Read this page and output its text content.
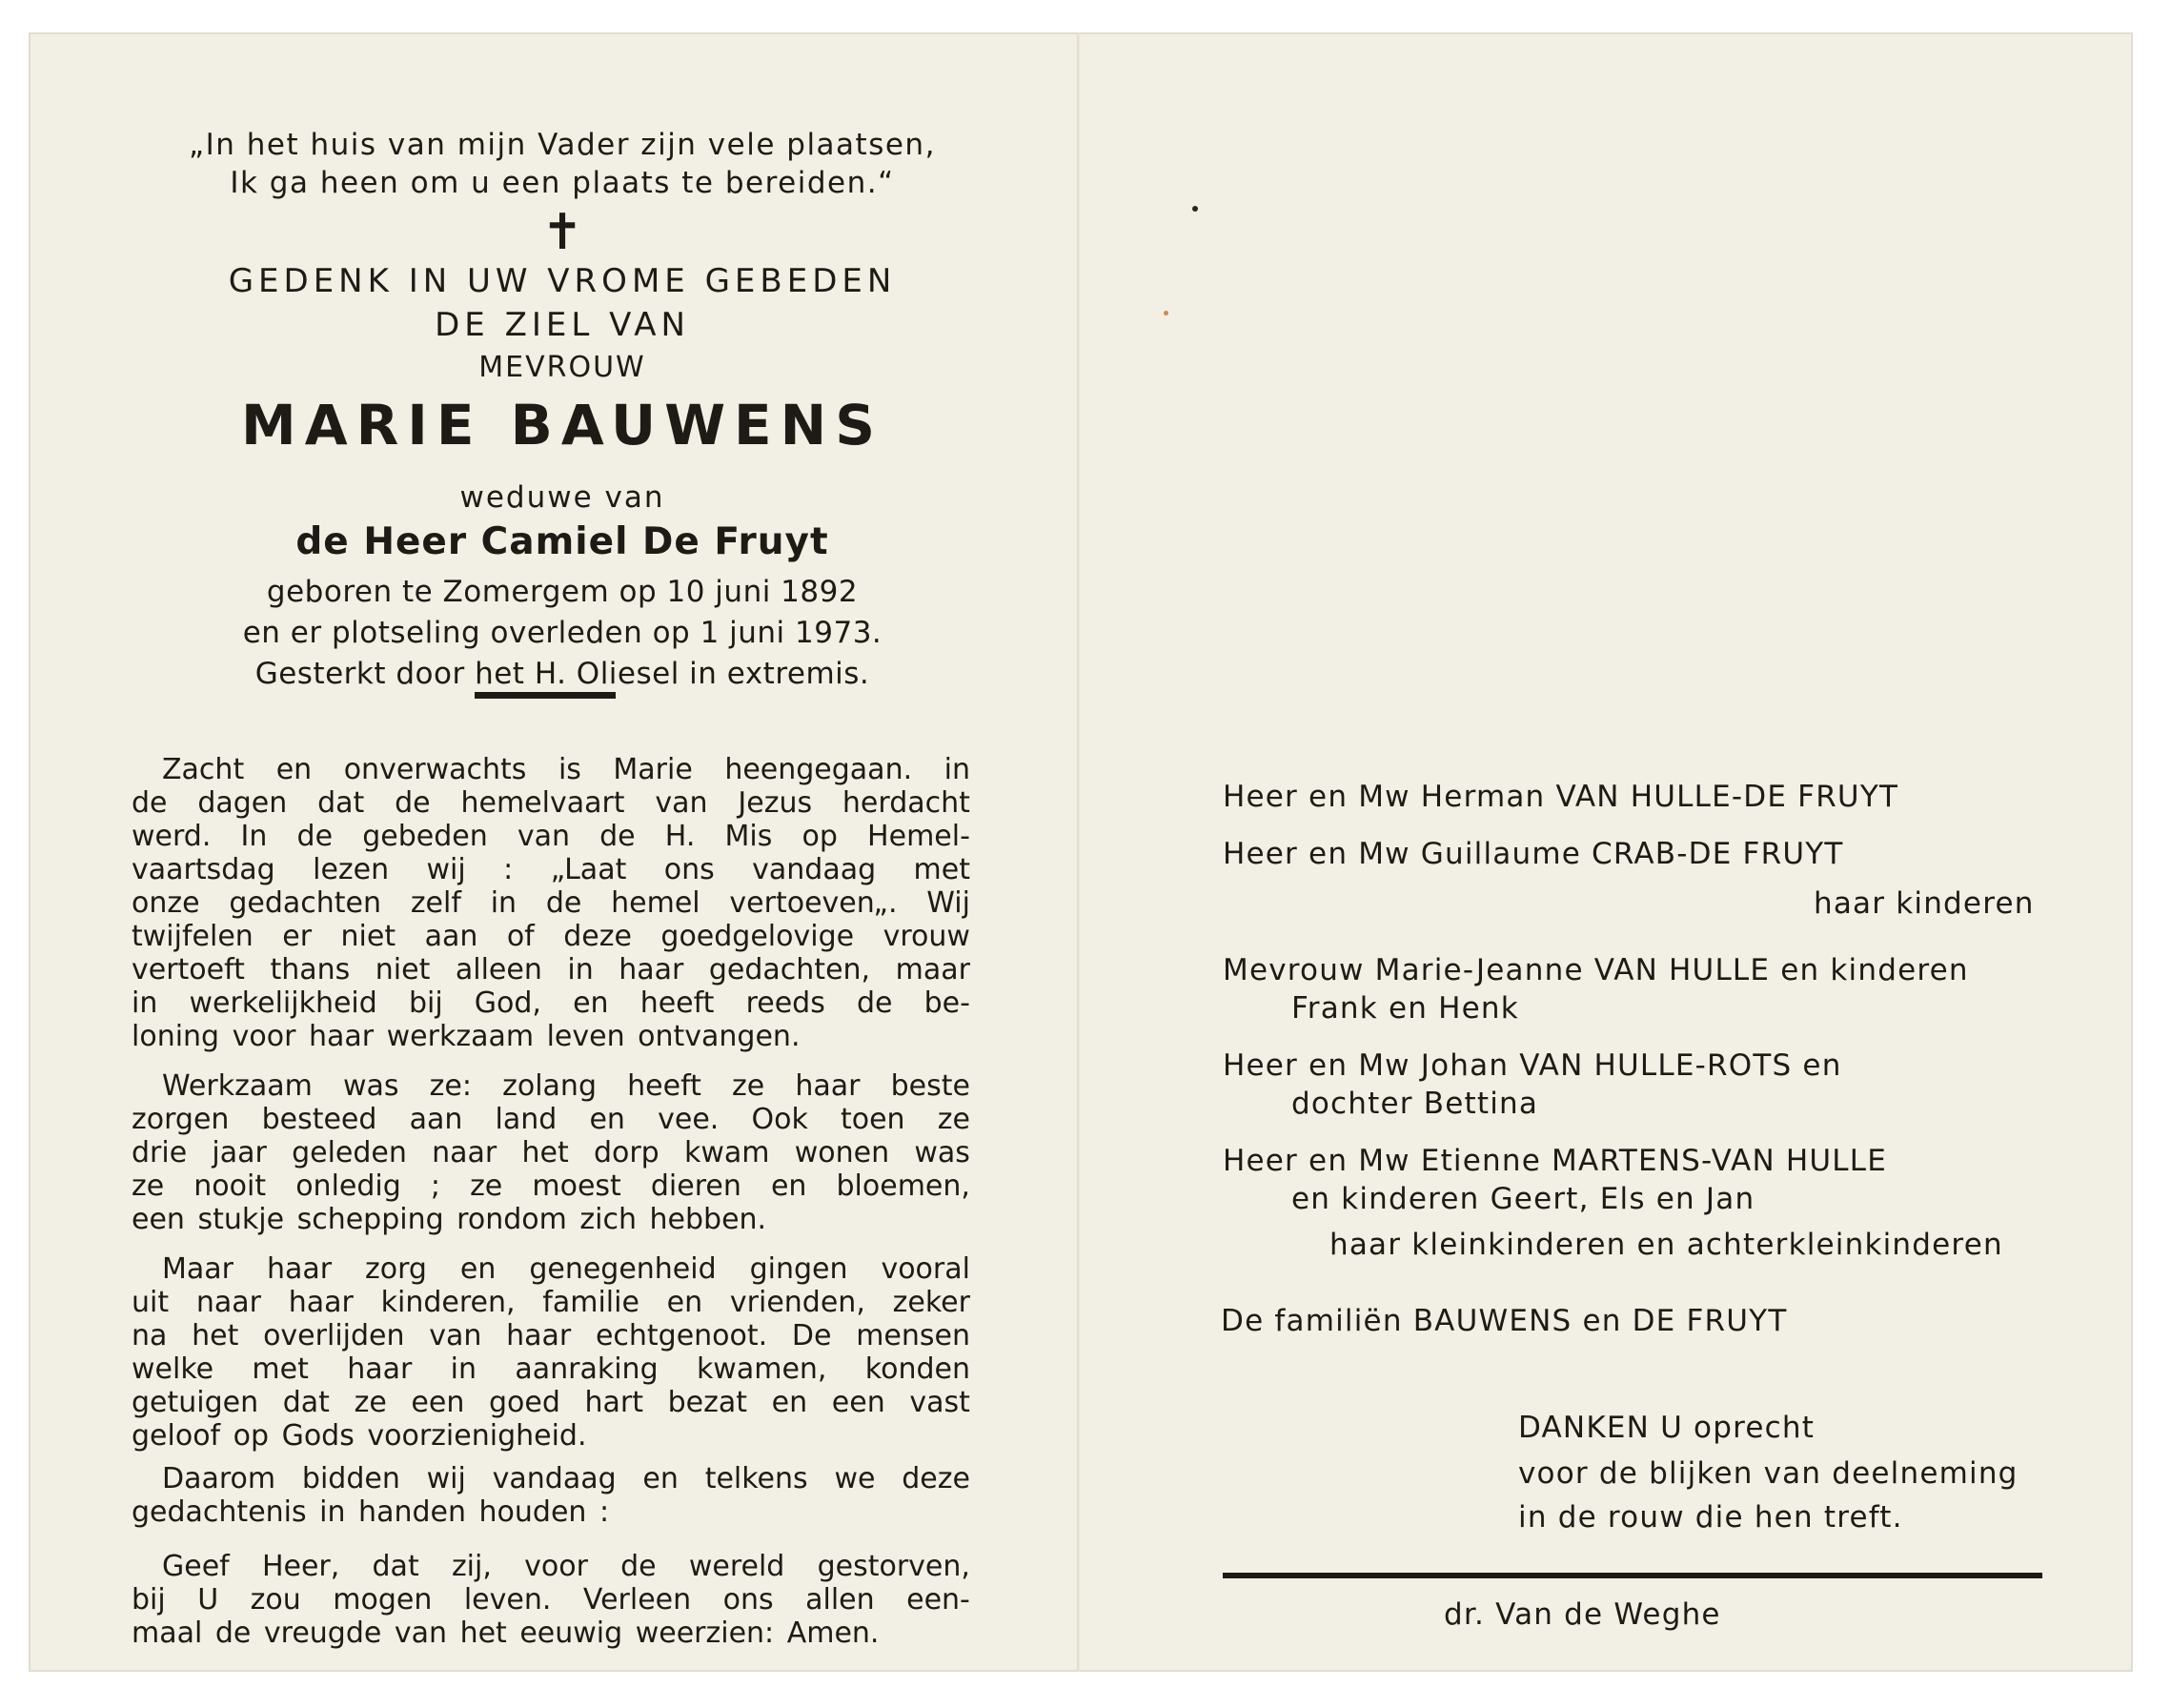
„In het huis van mijn Vader zijn vele plaatsen,
Ik ga heen om u een plaats te bereiden.“
✝
GEDENK IN UW VROME GEBEDEN
DE ZIEL VAN
MEVROUW
MARIE BAUWENS
weduwe van
de Heer Camiel De Fruyt
geboren te Zomergem op 10 juni 1892
en er plotseling overleden op 1 juni 1973.
Gesterkt door het H. Oliesel in extremis.
Zacht en onverwachts is Marie heengegaan. in
de dagen dat de hemelvaart van Jezus herdacht
werd. In de gebeden van de H. Mis op Hemel-
vaartsdag lezen wij : „Laat ons vandaag met
onze gedachten zelf in de hemel vertoeven„. Wij
twijfelen er niet aan of deze goedgelovige vrouw
vertoeft thans niet alleen in haar gedachten, maar
in werkelijkheid bij God, en heeft reeds de be-
loning voor haar werkzaam leven ontvangen.
Werkzaam was ze: zolang heeft ze haar beste
zorgen besteed aan land en vee. Ook toen ze
drie jaar geleden naar het dorp kwam wonen was
ze nooit onledig ; ze moest dieren en bloemen,
een stukje schepping rondom zich hebben.
Maar haar zorg en genegenheid gingen vooral
uit naar haar kinderen, familie en vrienden, zeker
na het overlijden van haar echtgenoot. De mensen
welke met haar in aanraking kwamen, konden
getuigen dat ze een goed hart bezat en een vast
geloof op Gods voorzienigheid.
Daarom bidden wij vandaag en telkens we deze
gedachtenis in handen houden :
Geef Heer, dat zij, voor de wereld gestorven,
bij U zou mogen leven. Verleen ons allen een-
maal de vreugde van het eeuwig weerzien: Amen.
Heer en Mw Herman VAN HULLE-DE FRUYT
Heer en Mw Guillaume CRAB-DE FRUYT
haar kinderen
Mevrouw Marie-Jeanne VAN HULLE en kinderen
Frank en Henk
Heer en Mw Johan VAN HULLE-ROTS en
dochter Bettina
Heer en Mw Etienne MARTENS-VAN HULLE
en kinderen Geert, Els en Jan
haar kleinkinderen en achterkleinkinderen
De familiën BAUWENS en DE FRUYT
DANKEN U oprecht
voor de blijken van deelneming
in de rouw die hen treft.
dr. Van de Weghe
